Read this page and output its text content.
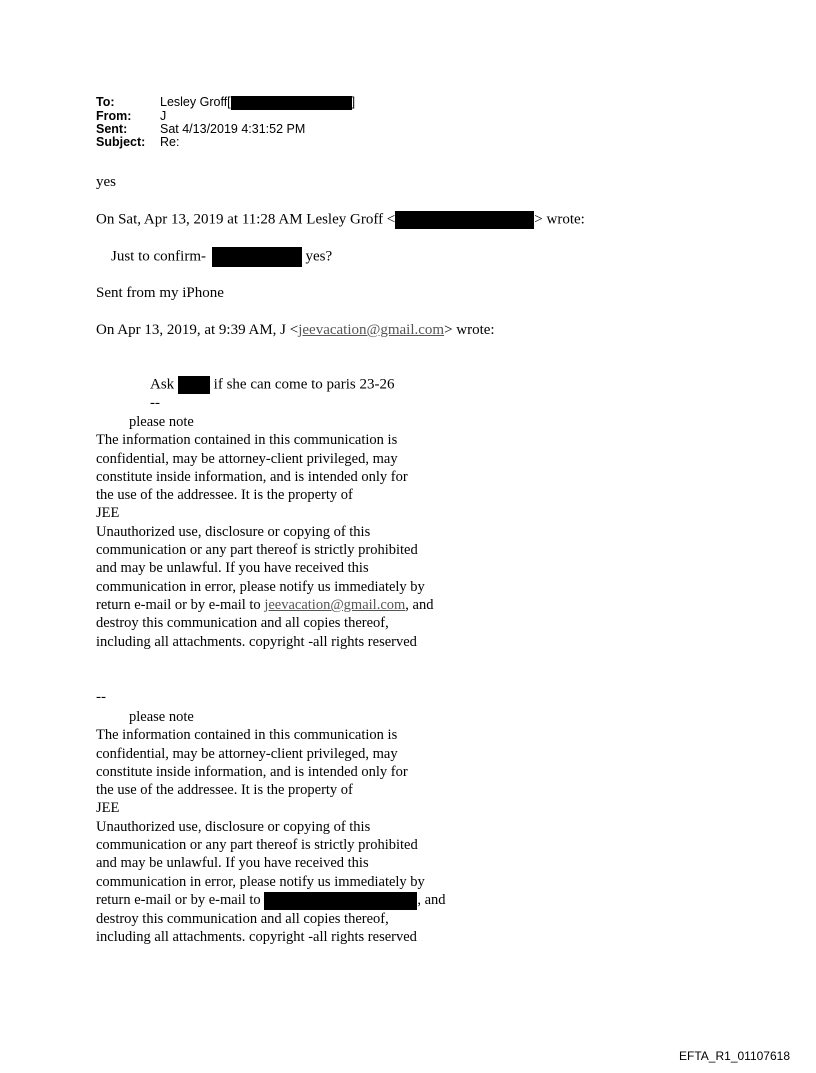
To:	Lesley Groff[	]
From:	J
Sent:	Sat 4/13/2019 4:31:52 PM
Subject:	Re:
yes
On Sat, Apr 13, 2019 at 11:28 AM Lesley Groff <	> wrote:
Just to confirm-	yes?
Sent from my iPhone
On Apr 13, 2019, at 9:39 AM, J <jeevacation@gmail.com> wrote:
Ask	if she can come to paris 23-26
--
please note
The information contained in this communication is
confidential, may be attorney-client privileged, may
constitute inside information, and is intended only for
the use of the addressee. It is the property of
JEE
Unauthorized use, disclosure or copying of this
communication or any part thereof is strictly prohibited
and may be unlawful. If you have received this
communication in error, please notify us immediately by
return e-mail or by e-mail to jeevacation@gmail.com, and
destroy this communication and all copies thereof,
including all attachments. copyright -all rights reserved
--
please note
The information contained in this communication is
confidential, may be attorney-client privileged, may
constitute inside information, and is intended only for
the use of the addressee. It is the property of
JEE
Unauthorized use, disclosure or copying of this
communication or any part thereof is strictly prohibited
and may be unlawful. If you have received this
communication in error, please notify us immediately by
return e-mail or by e-mail to	, and
destroy this communication and all copies thereof,
including all attachments. copyright -all rights reserved
EFTA_R1_01107618
